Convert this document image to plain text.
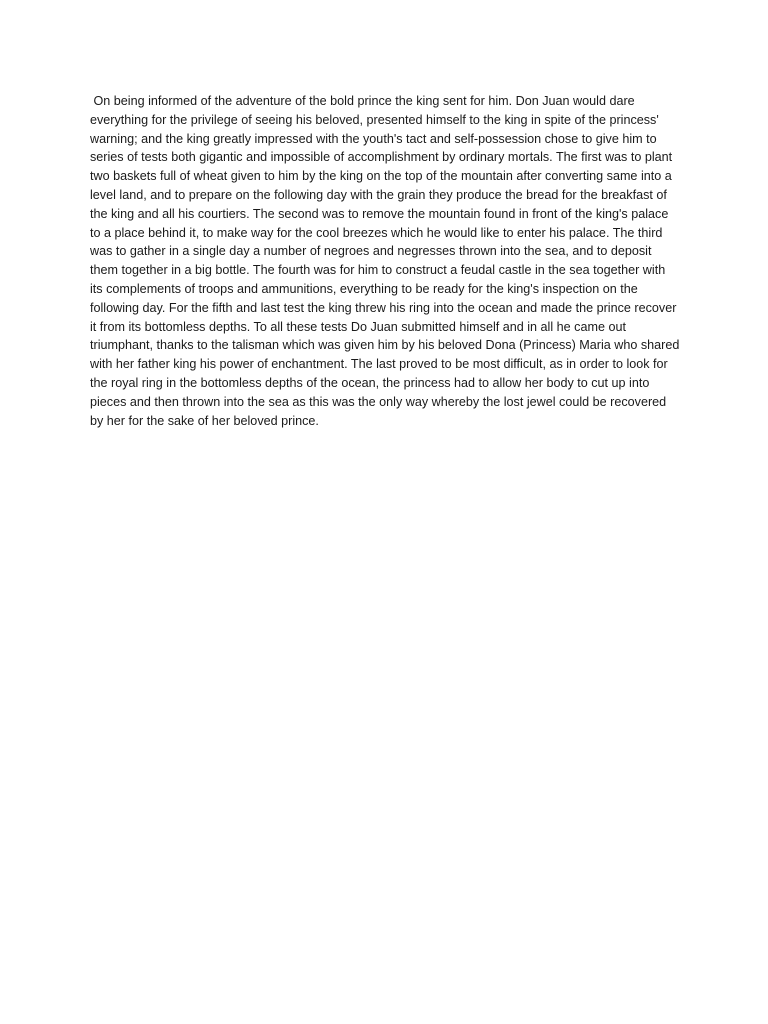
On being informed of the adventure of the bold prince the king sent for him. Don Juan would dare everything for the privilege of seeing his beloved, presented himself to the king in spite of the princess' warning; and the king greatly impressed with the youth's tact and self-possession chose to give him to series of tests both gigantic and impossible of accomplishment by ordinary mortals. The first was to plant two baskets full of wheat given to him by the king on the top of the mountain after converting same into a level land, and to prepare on the following day with the grain they produce the bread for the breakfast of the king and all his courtiers. The second was to remove the mountain found in front of the king's palace to a place behind it, to make way for the cool breezes which he would like to enter his palace. The third was to gather in a single day a number of negroes and negresses thrown into the sea, and to deposit them together in a big bottle. The fourth was for him to construct a feudal castle in the sea together with its complements of troops and ammunitions, everything to be ready for the king's inspection on the following day. For the fifth and last test the king threw his ring into the ocean and made the prince recover it from its bottomless depths. To all these tests Do Juan submitted himself and in all he came out triumphant, thanks to the talisman which was given him by his beloved Dona (Princess) Maria who shared with her father king his power of enchantment. The last proved to be most difficult, as in order to look for the royal ring in the bottomless depths of the ocean, the princess had to allow her body to cut up into pieces and then thrown into the sea as this was the only way whereby the lost jewel could be recovered by her for the sake of her beloved prince.
